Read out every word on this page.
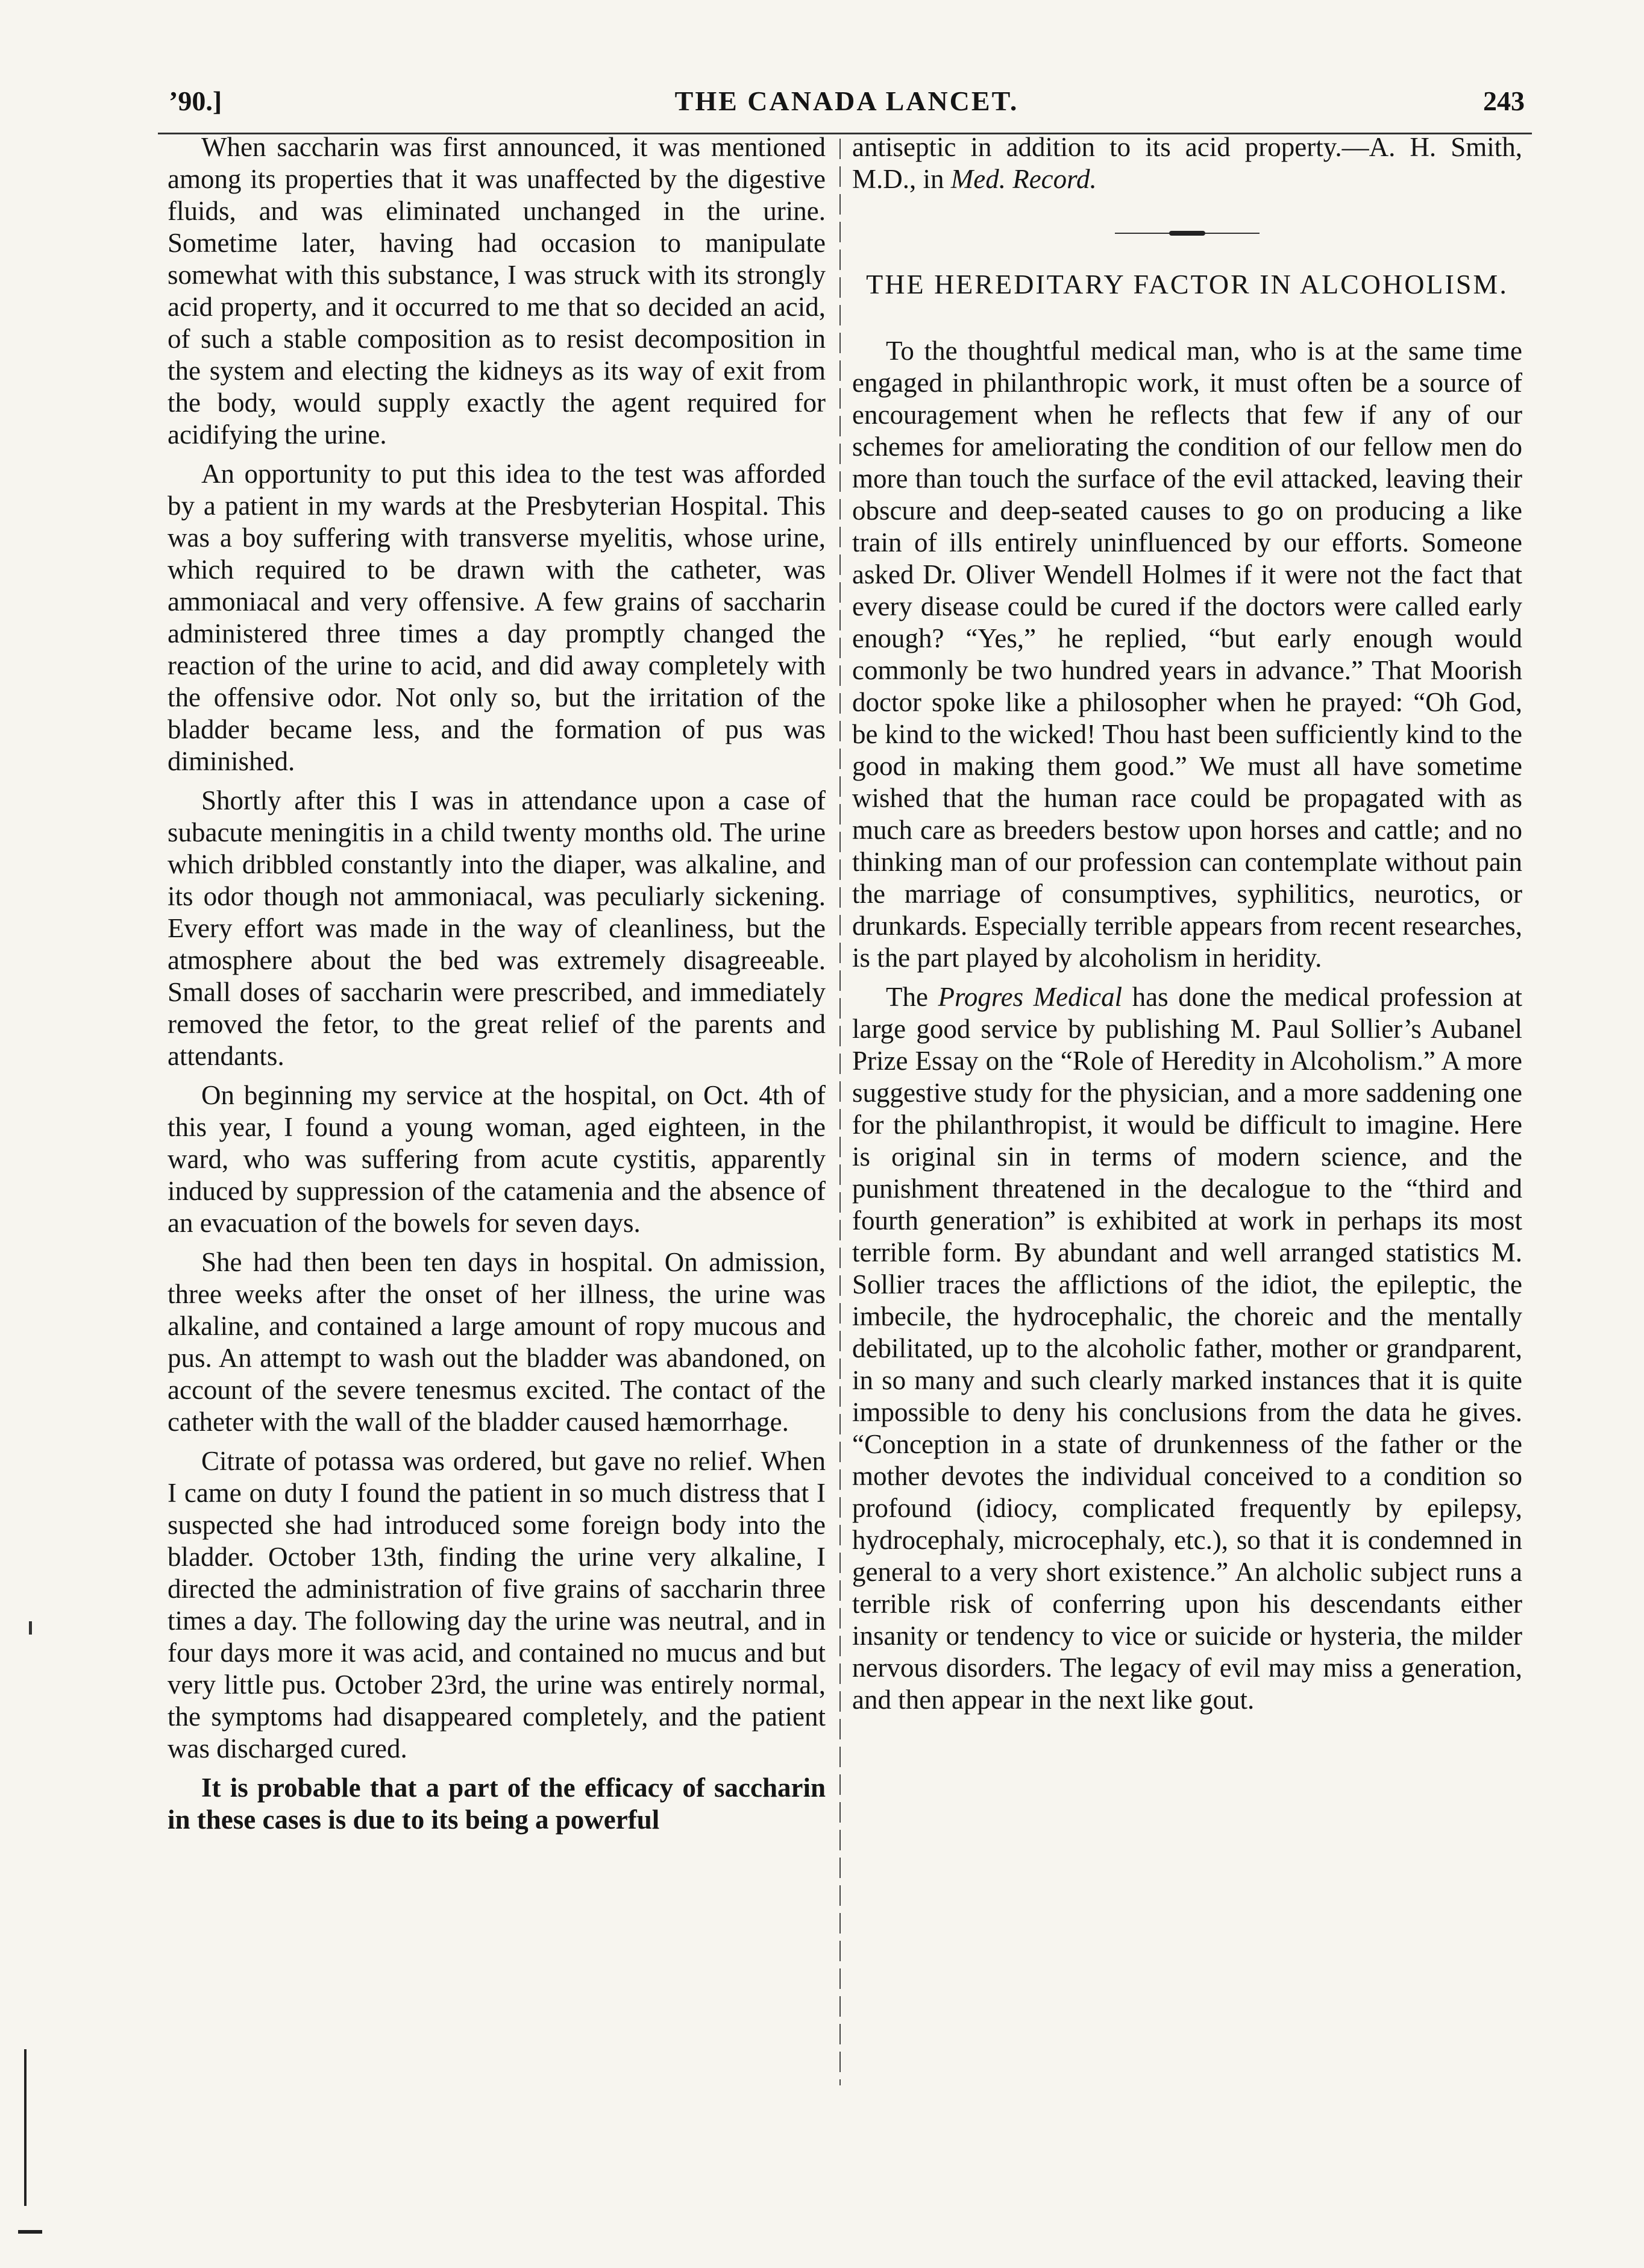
’90.]	THE CANADA LANCET.	243

When saccharin was first announced, it was mentioned among its properties that it was unaffected by the digestive fluids, and was eliminated unchanged in the urine. Sometime later, having had occasion to manipulate somewhat with this substance, I was struck with its strongly acid property, and it occurred to me that so decided an acid, of such a stable composition as to resist decomposition in the system and electing the kidneys as its way of exit from the body, would supply exactly the agent required for acidifying the urine.

An opportunity to put this idea to the test was afforded by a patient in my wards at the Presbyterian Hospital. This was a boy suffering with transverse myelitis, whose urine, which required to be drawn with the catheter, was ammoniacal and very offensive. A few grains of saccharin administered three times a day promptly changed the reaction of the urine to acid, and did away completely with the offensive odor. Not only so, but the irritation of the bladder became less, and the formation of pus was diminished.

Shortly after this I was in attendance upon a case of subacute meningitis in a child twenty months old. The urine which dribbled constantly into the diaper, was alkaline, and its odor though not ammoniacal, was peculiarly sickening. Every effort was made in the way of cleanliness, but the atmosphere about the bed was extremely disagreeable. Small doses of saccharin were prescribed, and immediately removed the fetor, to the great relief of the parents and attendants.

On beginning my service at the hospital, on Oct. 4th of this year, I found a young woman, aged eighteen, in the ward, who was suffering from acute cystitis, apparently induced by suppression of the catamenia and the absence of an evacuation of the bowels for seven days.

She had then been ten days in hospital. On admission, three weeks after the onset of her illness, the urine was alkaline, and contained a large amount of ropy mucous and pus. An attempt to wash out the bladder was abandoned, on account of the severe tenesmus excited. The contact of the catheter with the wall of the bladder caused hæmorrhage.

Citrate of potassa was ordered, but gave no relief. When I came on duty I found the patient in so much distress that I suspected she had introduced some foreign body into the bladder. October 13th, finding the urine very alkaline, I directed the administration of five grains of saccharin three times a day. The following day the urine was neutral, and in four days more it was acid, and contained no mucus and but very little pus. October 23rd, the urine was entirely normal, the symptoms had disappeared completely, and the patient was discharged cured.

It is probable that a part of the efficacy of saccharin in these cases is due to its being a powerful

antiseptic in addition to its acid property.—A. H. Smith, M.D., in Med. Record.

THE HEREDITARY FACTOR IN ALCOHOLISM.

To the thoughtful medical man, who is at the same time engaged in philanthropic work, it must often be a source of encouragement when he reflects that few if any of our schemes for ameliorating the condition of our fellow men do more than touch the surface of the evil attacked, leaving their obscure and deep-seated causes to go on producing a like train of ills entirely uninfluenced by our efforts. Someone asked Dr. Oliver Wendell Holmes if it were not the fact that every disease could be cured if the doctors were called early enough? “Yes,” he replied, “but early enough would commonly be two hundred years in advance.” That Moorish doctor spoke like a philosopher when he prayed: “Oh God, be kind to the wicked! Thou hast been sufficiently kind to the good in making them good.” We must all have sometime wished that the human race could be propagated with as much care as breeders bestow upon horses and cattle; and no thinking man of our profession can contemplate without pain the marriage of consumptives, syphilitics, neurotics, or drunkards. Especially terrible appears from recent researches, is the part played by alcoholism in heridity.

The Progres Medical has done the medical profession at large good service by publishing M. Paul Sollier’s Aubanel Prize Essay on the “Role of Heredity in Alcoholism.” A more suggestive study for the physician, and a more saddening one for the philanthropist, it would be difficult to imagine. Here is original sin in terms of modern science, and the punishment threatened in the decalogue to the “third and fourth generation” is exhibited at work in perhaps its most terrible form. By abundant and well arranged statistics M. Sollier traces the afflictions of the idiot, the epileptic, the imbecile, the hydrocephalic, the choreic and the mentally debilitated, up to the alcoholic father, mother or grandparent, in so many and such clearly marked instances that it is quite impossible to deny his conclusions from the data he gives. “Conception in a state of drunkenness of the father or the mother devotes the individual conceived to a condition so profound (idiocy, complicated frequently by epilepsy, hydrocephaly, microcephaly, etc.), so that it is condemned in general to a very short existence.” An alcholic subject runs a terrible risk of conferring upon his descendants either insanity or tendency to vice or suicide or hysteria, the milder nervous disorders. The legacy of evil may miss a generation, and then appear in the next like gout.
